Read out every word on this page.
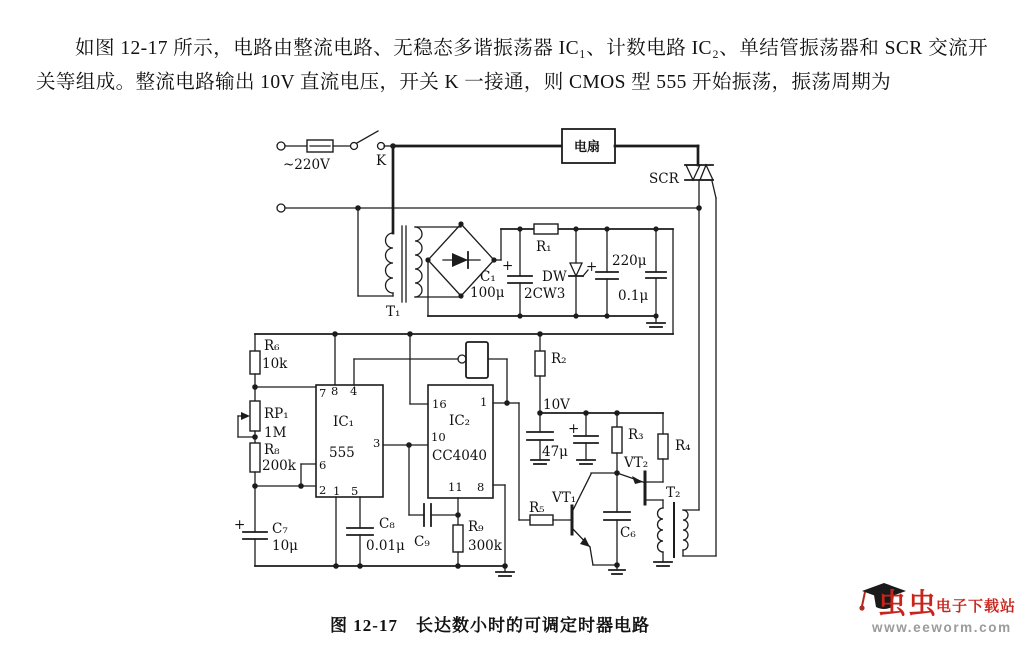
如图 12-17 所示，电路由整流电路、无稳态多谐振荡器 IC₁、计数电路 IC₂、单结管振荡器和 SCR 交流开关等组成。整流电路输出 10V 直流电压，开关 K 一接通，则 CMOS 型 555 开始振荡，振荡周期为

~220V	K
电扇
SCR
T₁
+
C₁
100μ
R₁
DW
2CW3
+ 220μ
0.1μ
R₆
10k
RP₁
1M
R₈
200k
+ C₇
10μ
7 8 4
IC₁
555
3
6
2 1 5
C₈
0.01μ
16	1
IC₂
10
CC4040
11 8
C₉
R₉
300k
R₂
10V
47μ
+	R₃
R₄
VT₂
T₂
R₅
VT₁
C₆
图 12-17　长达数小时的可调定时器电路
虫虫
电子下载站
www.eeworm.com
